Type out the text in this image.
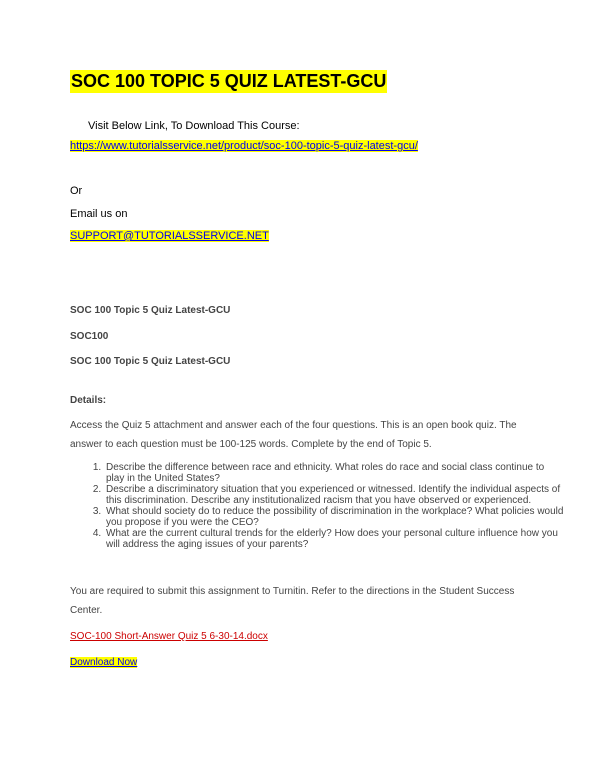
SOC 100 TOPIC 5 QUIZ LATEST-GCU
Visit Below Link, To Download This Course:
https://www.tutorialsservice.net/product/soc-100-topic-5-quiz-latest-gcu/
Or
Email us on
SUPPORT@TUTORIALSSERVICE.NET
SOC 100 Topic 5 Quiz Latest-GCU
SOC100
SOC 100 Topic 5 Quiz Latest-GCU
Details:
Access the Quiz 5 attachment and answer each of the four questions. This is an open book quiz. The answer to each question must be 100-125 words. Complete by the end of Topic 5.
1. Describe the difference between race and ethnicity. What roles do race and social class continue to play in the United States?
2. Describe a discriminatory situation that you experienced or witnessed. Identify the individual aspects of this discrimination. Describe any institutionalized racism that you have observed or experienced.
3. What should society do to reduce the possibility of discrimination in the workplace? What policies would you propose if you were the CEO?
4. What are the current cultural trends for the elderly? How does your personal culture influence how you will address the aging issues of your parents?
You are required to submit this assignment to Turnitin. Refer to the directions in the Student Success Center.
SOC-100 Short-Answer Quiz 5 6-30-14.docx
Download Now
